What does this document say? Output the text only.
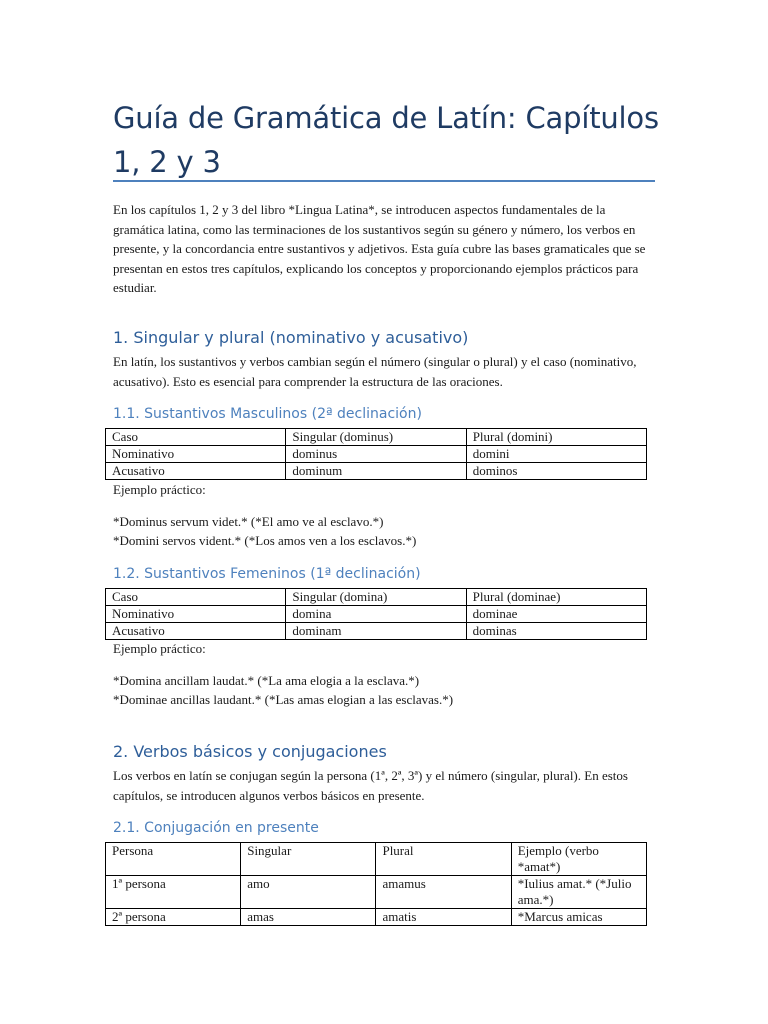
Guía de Gramática de Latín: Capítulos 1, 2 y 3

En los capítulos 1, 2 y 3 del libro *Lingua Latina*, se introducen aspectos fundamentales de la gramática latina, como las terminaciones de los sustantivos según su género y número, los verbos en presente, y la concordancia entre sustantivos y adjetivos. Esta guía cubre las bases gramaticales que se presentan en estos tres capítulos, explicando los conceptos y proporcionando ejemplos prácticos para estudiar.

1. Singular y plural (nominativo y acusativo)

En latín, los sustantivos y verbos cambian según el número (singular o plural) y el caso (nominativo, acusativo). Esto es esencial para comprender la estructura de las oraciones.

1.1. Sustantivos Masculinos (2ª declinación)
Caso	Singular (dominus)	Plural (domini)
Nominativo	dominus	domini
Acusativo	dominum	dominos

Ejemplo práctico:

*Dominus servum videt.* (*El amo ve al esclavo.*)

*Domini servos vident.* (*Los amos ven a los esclavos.*)

1.2. Sustantivos Femeninos (1ª declinación)
Caso	Singular (domina)	Plural (dominae)
Nominativo	domina	dominae
Acusativo	dominam	dominas

Ejemplo práctico:

*Domina ancillam laudat.* (*La ama elogia a la esclava.*)

*Dominae ancillas laudant.* (*Las amas elogian a las esclavas.*)

2. Verbos básicos y conjugaciones

Los verbos en latín se conjugan según la persona (1ª, 2ª, 3ª) y el número (singular, plural). En estos capítulos, se introducen algunos verbos básicos en presente.

2.1. Conjugación en presente
Persona	Singular	Plural	Ejemplo (verbo *amat*)
1ª persona	amo	amamus	*Iulius amat.* (*Julio ama.*)
2ª persona	amas	amatis	*Marcus amicas
